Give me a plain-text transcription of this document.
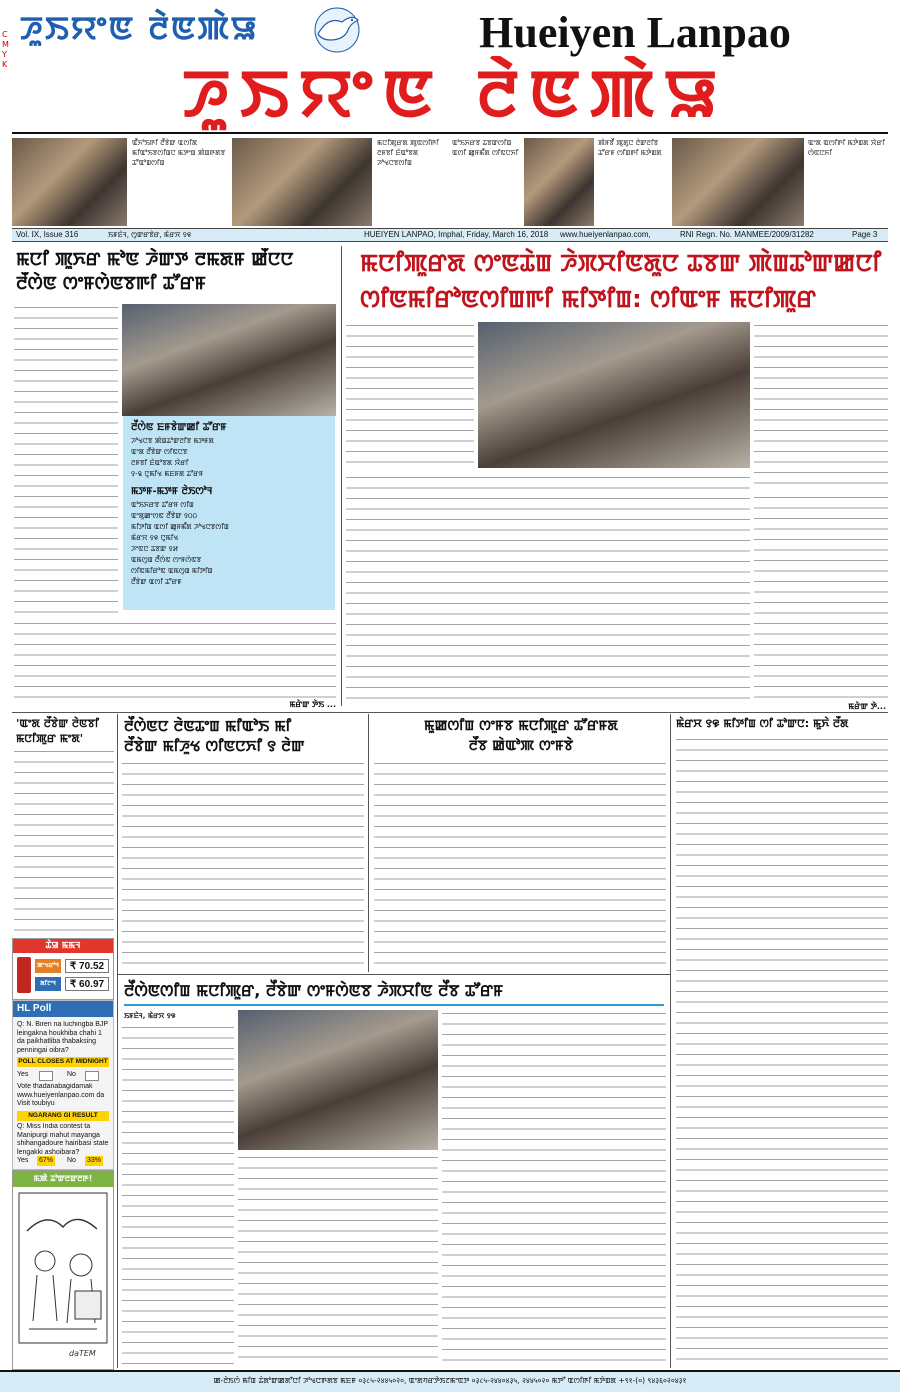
C M Y K
ꯍꯨꯏꯌꯦꯟ ꯂꯥꯟꯄꯥꯎ	Hueiyen Lanpao
ꯍꯨꯏꯌꯦꯟ ꯂꯥꯟꯄꯥꯎ
ꯑꯩꯈꯣꯏꯒꯤ ꯂꯩꯕꯥꯛ ꯑꯁꯤꯗ ꯃꯤꯑꯣꯏꯕꯁꯤꯡꯅ ꯃꯇꯦꯡ ꯄꯥꯡꯒꯗꯕ ꯊꯧꯑꯣꯡꯁꯤꯡ
ꯃꯅꯤꯄꯨꯔꯗ ꯄꯨꯟꯁꯤꯒꯤ ꯂꯝꯕꯤ ꯐꯥꯑꯣꯕꯗ ꯍꯣꯠꯅꯕꯁꯤꯡ
ꯑꯣꯏꯈꯔꯕ ꯊꯕꯛꯁꯤꯡ ꯑꯁꯤ ꯀꯨꯝꯃꯩꯗ ꯁꯤꯟꯅꯈꯤ
ꯄꯥꯝꯕꯩ ꯄꯨꯗꯨꯅ ꯂꯥꯛꯂꯤꯕ ꯊꯧꯔꯝ ꯁꯤꯡꯒꯤ ꯃꯇꯥꯡꯗ
ꯑꯦꯗ ꯑꯁꯤꯒꯤ ꯃꯇꯥꯡꯗ ꯋꯥꯔꯤ ꯁꯥꯟꯅꯈꯤ
Vol. IX, Issue 316	ꯏꯝꯐꯥꯜ, ꯁꯨꯛꯔꯕꯥꯔ, ꯃꯥꯔꯆ ꯱꯶	HUEIYEN LANPAO, Imphal, Friday, March 16, 2018 www.hueiyenlanpao.com,	RNI Regn. No. MANMEE/2009/31282	Page 3
ꯃꯅꯤ ꯄꯨꯈꯔ ꯃꯣꯟ ꯍꯥꯛꯇ ꯂꯃꯗꯝ ꯀꯩꯅꯅ
ꯂꯩꯁꯥꯟ ꯁꯦꯝꯁꯥꯟꯕꯒꯤ ꯊꯧꯔꯝ
ꯂꯩꯁꯥꯟ ꯐꯝꯕꯥꯛꯀꯤ ꯊꯧꯔꯝ
ꯍꯣꯠꯅꯕ ꯄꯥꯡꯊꯣꯛꯂꯤꯕ ꯃꯇꯝꯗ
ꯑꯦꯗ ꯂꯩꯕꯥꯛ ꯁꯤꯟꯅꯕ
ꯂꯝꯕꯤ ꯐꯥꯑꯣꯕꯗ ꯋꯥꯔꯤ
꯱-꯲ ꯅꯨꯃꯤꯠ ꯃꯐꯝꯗ ꯊꯧꯔꯝ
ꯃꯇꯝ-ꯃꯇꯝ ꯂꯥꯏꯁꯣꯜ
ꯑꯣꯏꯈꯔꯕ ꯊꯧꯔꯝ ꯁꯤꯡ
ꯑꯦꯗꯨꯀꯦꯁꯟ ꯂꯩꯕꯥꯛ ꯱꯰꯰
ꯃꯤꯇꯤꯡ ꯑꯁꯤ ꯀꯨꯝꯃꯩꯗ ꯍꯣꯠꯅꯕꯁꯤꯡ
ꯃꯥꯔꯆ ꯱꯶ ꯅꯨꯃꯤꯠ
ꯍꯦꯟꯅ ꯊꯕꯛ ꯱꯷
ꯑꯃꯁꯨꯡ ꯂꯩꯁꯥꯟ ꯁꯦꯝꯁꯥꯟꯕ
ꯁꯤꯟꯃꯤꯔꯣꯟ ꯑꯃꯁꯨꯡ ꯃꯤꯇꯤꯡ
ꯂꯩꯕꯥꯛ ꯑꯁꯤ ꯊꯧꯔꯝ
ꯃꯔꯥꯛ ꯇꯥꯏ ...
ꯃꯅꯤꯄꯨꯔꯗ ꯁꯦꯟꯊꯥꯡ ꯍꯥꯞꯆꯤꯟꯗꯨꯅ ꯊꯕꯛ ꯄꯥꯡꯊꯣꯛꯀꯅꯤ
ꯁꯤꯟꯃꯤꯔꯣꯟꯁꯤꯡꯒꯤ ꯃꯤꯇꯤꯡ: ꯁꯤꯑꯦꯝ ꯃꯅꯤꯄꯨꯔ
ꯃꯔꯥꯛ ꯇꯥ...
'ꯑꯦꯗ ꯂꯩꯕꯥꯛ ꯂꯥꯟꯕꯤ
ꯃꯅꯤꯄꯨꯔ ꯃꯦꯗ'
ꯂꯩꯁꯥꯟꯅ ꯂꯥꯟꯊꯦꯡ ꯃꯤꯑꯣꯏ ꯃꯤ
ꯂꯩꯕꯥꯛ ꯃꯤꯍꯨꯠ ꯁꯤꯟꯅꯈꯤ ꯱ ꯂꯥꯛ
ꯃꯨꯀꯁꯤꯡ ꯁꯦꯝꯕ ꯃꯅꯤꯄꯨꯔ ꯊꯧꯔꯝꯗ
ꯂꯩꯕ ꯀꯥꯑꯣꯄ ꯁꯦꯝꯕꯥ
ꯃꯥꯔꯆ ꯱꯶ ꯃꯤꯇꯤꯡ ꯁꯤ ꯊꯣꯛꯅ: ꯃꯨꯈꯥ ꯂꯩꯗ
ꯂꯩꯁꯥꯟꯁꯤꯡ ꯃꯅꯤꯄꯨꯔ, ꯂꯩꯕꯥꯛ ꯁꯦꯝꯁꯥꯟꯕ ꯍꯥꯞꯆꯤꯟ ꯂꯩꯕ ꯊꯧꯔꯝ
ꯏꯝꯐꯥꯜ, ꯃꯥꯔꯆ ꯱꯶
ꯊꯥꯎ ꯃꯃꯜ
ꯄꯦꯠꯔꯣꯜ	₹ 70.52
ꯗꯤꯖꯦꯜ	₹ 60.97
HL Poll
Q: N. Biren na luchingba BJP leingakna houkhiba chahi 1 da paikhatliba thabaksing penningai oibra?
POLL CLOSES AT MIDNIGHT
Yes	No
Vote thadanabagidamak www.hueiyenlanpao.com da Visit toubiyu
NGARANG GI RESULT
Q: Miss India contest ta Manipurgi mahut mayanga shihangadoure hairibasi state lengakki ashoibara?
Yes 67% No 33%
ꯃꯄꯥ ꯊꯣꯛꯂꯛꯂꯒ!
daTEM
ꯀ-ꯂꯥꯏꯁꯥ ꯃꯤꯡ ꯊꯥꯗꯣꯛꯀꯗꯧꯅꯤ ꯍꯣꯠꯅꯒꯗꯕ ꯃꯐꯝ ०३८५-२४४५०२०, ꯑꯦꯗꯚꯔꯇꯥꯏꯖꯃꯦꯟꯇ ०३८५-२४४०४३५, २४४५०२० ꯃꯇꯧ ꯑꯁꯤꯒꯤ ꯃꯇꯥꯡꯗ +९१-(०) ९४३६०२०४३१
